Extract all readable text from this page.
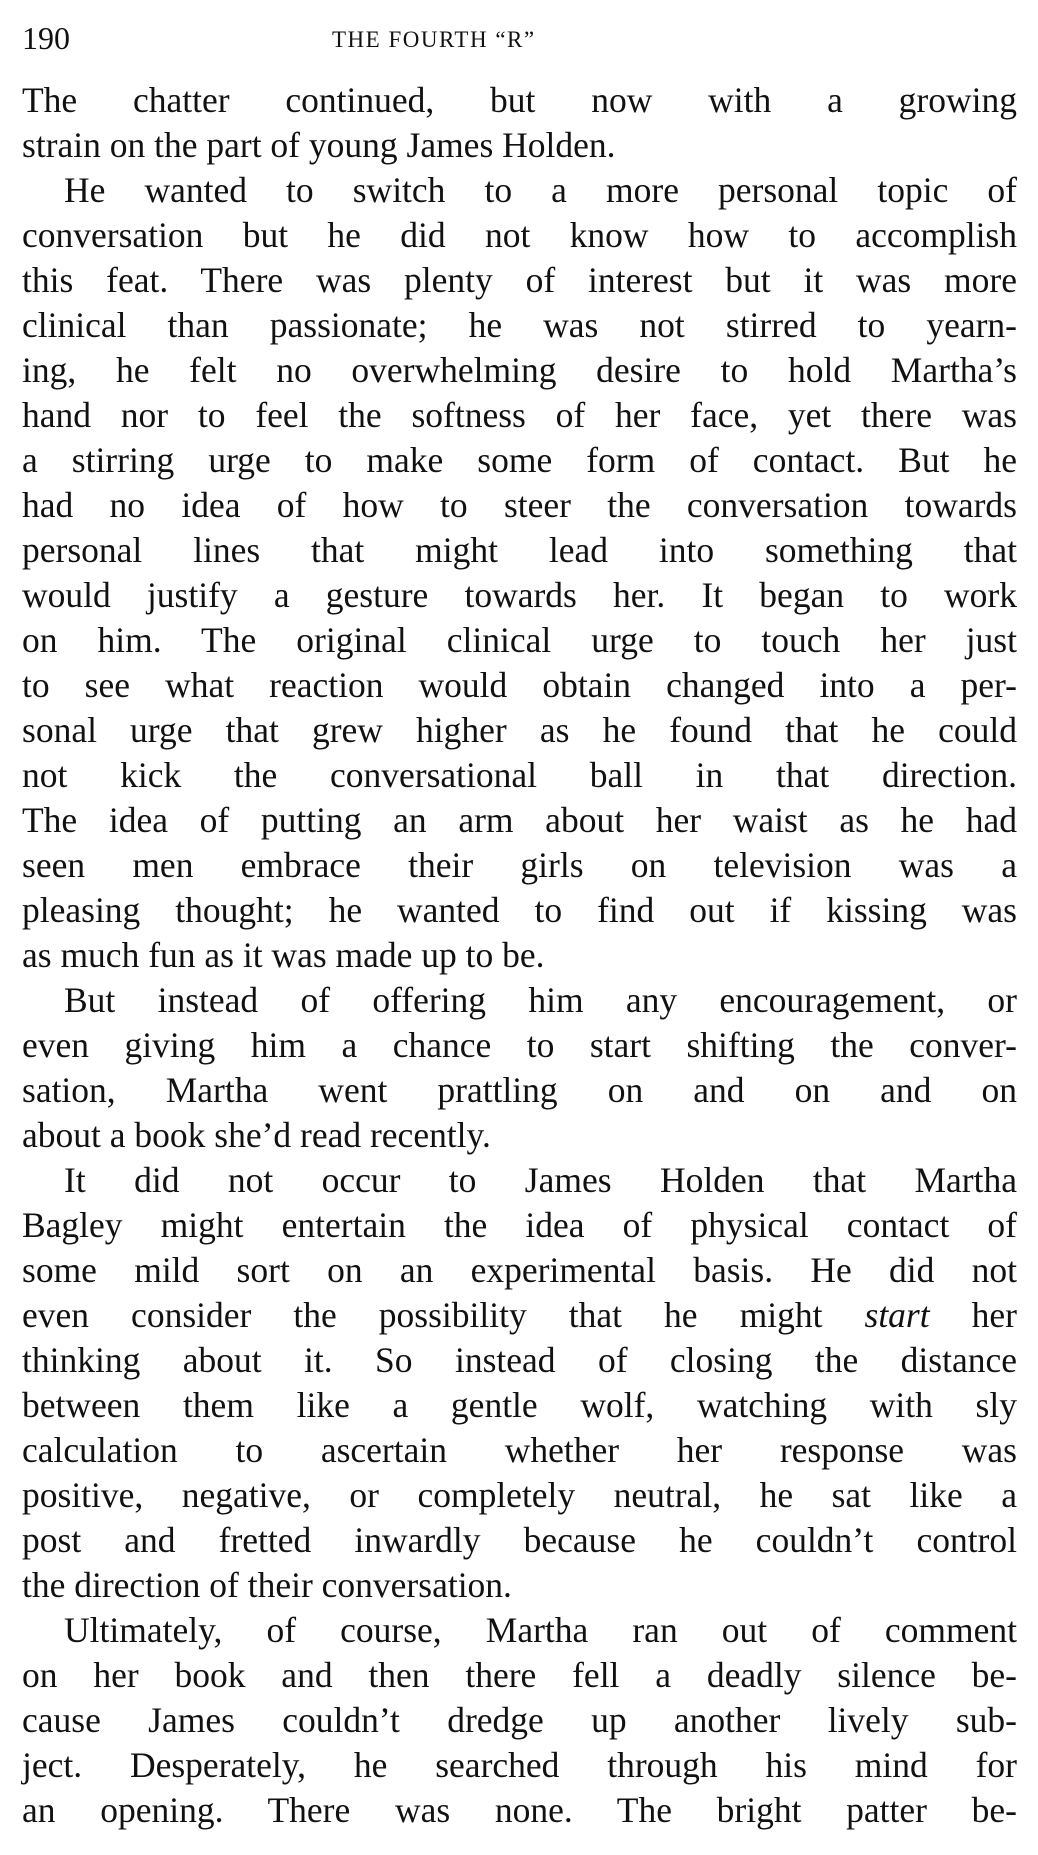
190	THE FOURTH “R”
The chatter continued, but now with a growing
strain on the part of young James Holden.
He wanted to switch to a more personal topic of
conversation but he did not know how to accomplish
this feat. There was plenty of interest but it was more
clinical than passionate; he was not stirred to yearn-
ing, he felt no overwhelming desire to hold Martha’s
hand nor to feel the softness of her face, yet there was
a stirring urge to make some form of contact. But he
had no idea of how to steer the conversation towards
personal lines that might lead into something that
would justify a gesture towards her. It began to work
on him. The original clinical urge to touch her just
to see what reaction would obtain changed into a per-
sonal urge that grew higher as he found that he could
not kick the conversational ball in that direction.
The idea of putting an arm about her waist as he had
seen men embrace their girls on television was a
pleasing thought; he wanted to find out if kissing was
as much fun as it was made up to be.
But instead of offering him any encouragement, or
even giving him a chance to start shifting the conver-
sation, Martha went prattling on and on and on
about a book she’d read recently.
It did not occur to James Holden that Martha
Bagley might entertain the idea of physical contact of
some mild sort on an experimental basis. He did not
even consider the possibility that he might start her
thinking about it. So instead of closing the distance
between them like a gentle wolf, watching with sly
calculation to ascertain whether her response was
positive, negative, or completely neutral, he sat like a
post and fretted inwardly because he couldn’t control
the direction of their conversation.
Ultimately, of course, Martha ran out of comment
on her book and then there fell a deadly silence be-
cause James couldn’t dredge up another lively sub-
ject. Desperately, he searched through his mind for
an opening. There was none. The bright patter be-
